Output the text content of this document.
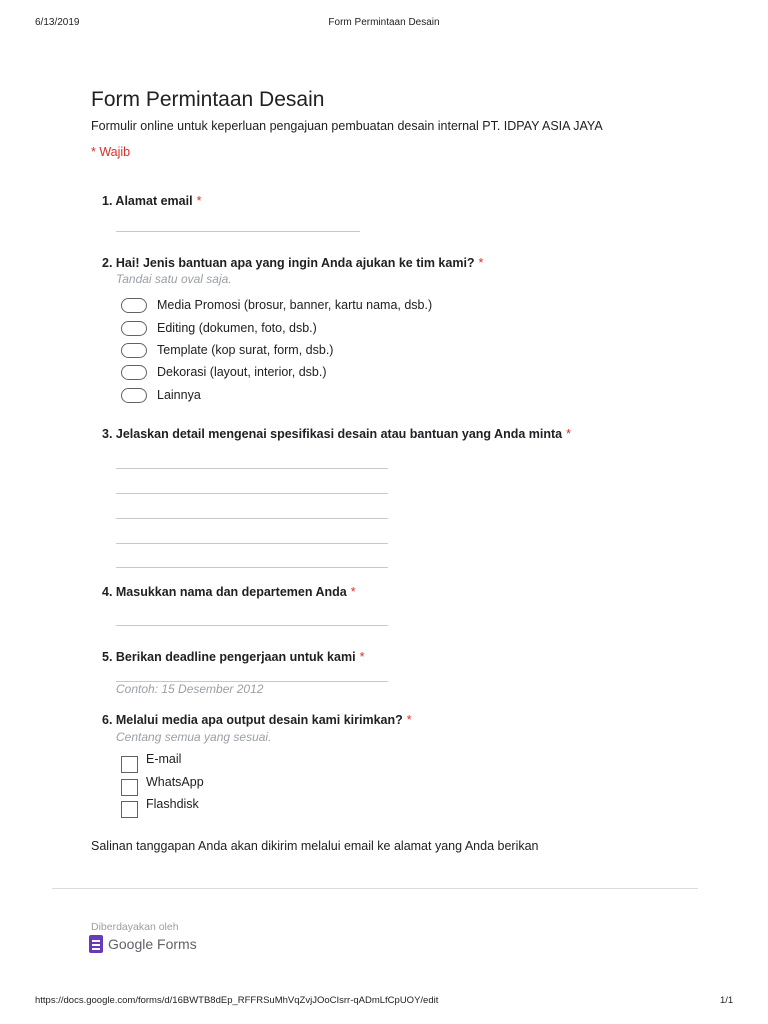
6/13/2019	Form Permintaan Desain
Form Permintaan Desain
Formulir online untuk keperluan pengajuan pembuatan desain internal PT. IDPAY ASIA JAYA
* Wajib
1. Alamat email *
2. Hai! Jenis bantuan apa yang ingin Anda ajukan ke tim kami? *
Tandai satu oval saja.
Media Promosi (brosur, banner, kartu nama, dsb.)
Editing (dokumen, foto, dsb.)
Template (kop surat, form, dsb.)
Dekorasi (layout, interior, dsb.)
Lainnya
3. Jelaskan detail mengenai spesifikasi desain atau bantuan yang Anda minta *
4. Masukkan nama dan departemen Anda *
5. Berikan deadline pengerjaan untuk kami *
Contoh: 15 Desember 2012
6. Melalui media apa output desain kami kirimkan? *
Centang semua yang sesuai.
E-mail
WhatsApp
Flashdisk
Salinan tanggapan Anda akan dikirim melalui email ke alamat yang Anda berikan
Diberdayakan oleh
Google Forms
https://docs.google.com/forms/d/16BWTB8dEp_RFFRSuMhVqZvjJOoCIsrr-qADmLfCpUOY/edit	1/1
